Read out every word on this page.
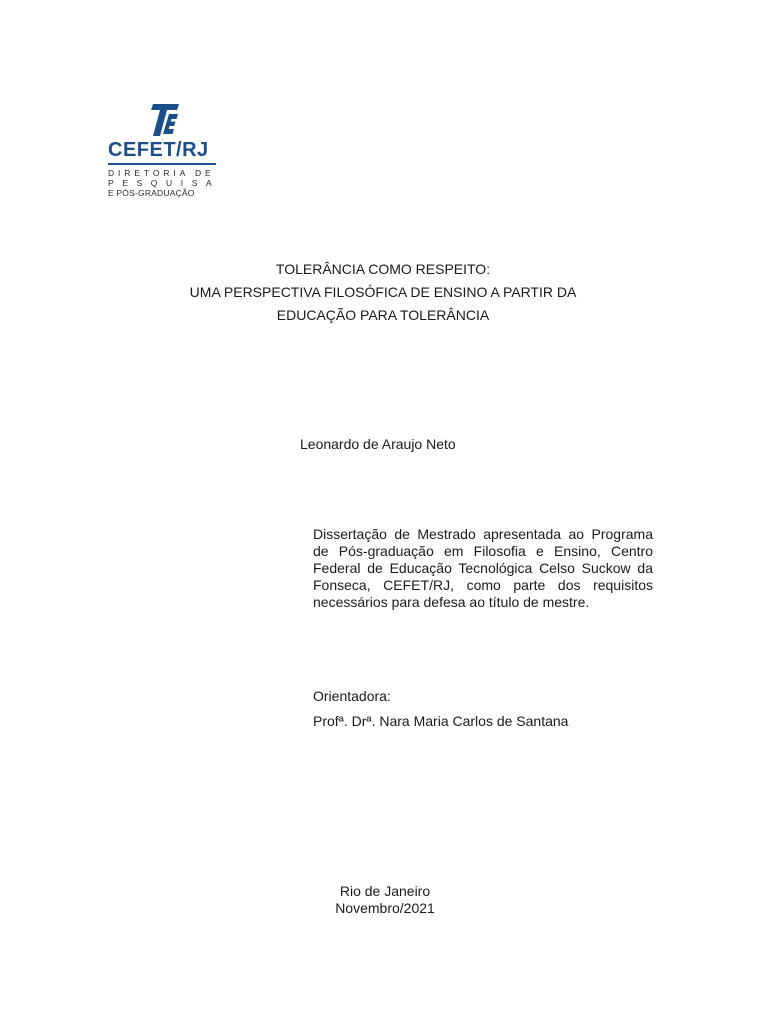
CEFET/RJ
DIRETORIA DE
PESQUISA
E PÓS-GRADUAÇÃO
TOLERÂNCIA COMO RESPEITO:
UMA PERSPECTIVA FILOSÓFICA DE ENSINO A PARTIR DA
EDUCAÇÃO PARA TOLERÂNCIA
Leonardo de Araujo Neto

Dissertação de Mestrado apresentada ao Programa de Pós-graduação em Filosofia e Ensino, Centro Federal de Educação Tecnológica Celso Suckow da Fonseca, CEFET/RJ, como parte dos requisitos necessários para defesa ao título de mestre.

Orientadora:
Profª. Drª. Nara Maria Carlos de Santana
Rio de Janeiro
Novembro/2021
